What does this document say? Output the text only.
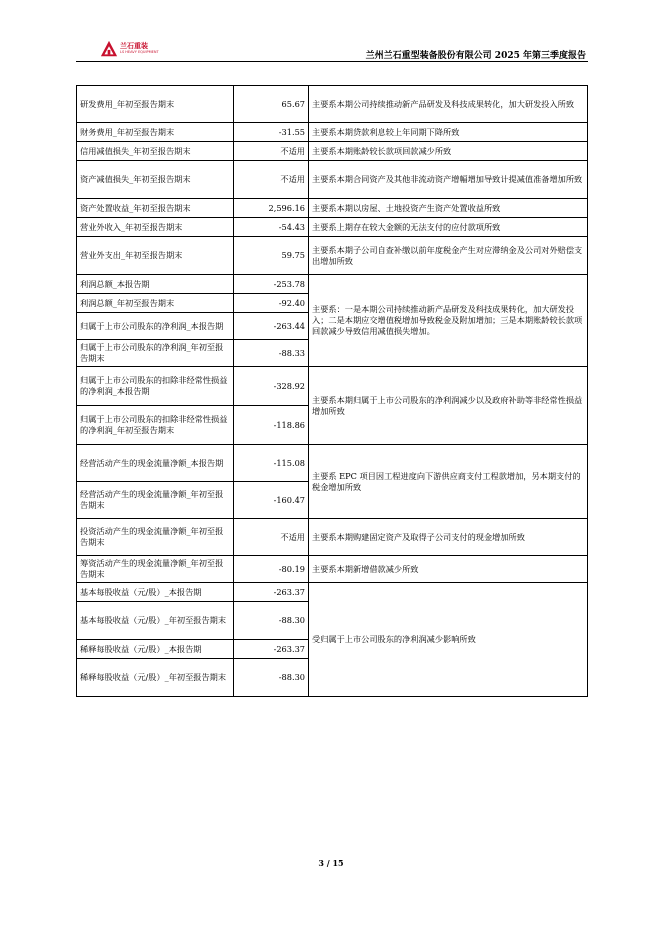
兰石重装
LS HEAVY EQUIPMENT	兰州兰石重型装备股份有限公司 2025 年第三季度报告
研发费用_年初至报告期末	65.67	主要系本期公司持续推动新产品研发及科技成果转化，加大研发投入所致
财务费用_年初至报告期末	-31.55	主要系本期贷款利息较上年同期下降所致
信用减值损失_年初至报告期末	不适用	主要系本期账龄较长款项回款减少所致
资产减值损失_年初至报告期末	不适用	主要系本期合同资产及其他非流动资产增幅增加导致计提减值准备增加所致
资产处置收益_年初至报告期末	2,596.16	主要系本期以房屋、土地投资产生资产处置收益所致
营业外收入_年初至报告期末	-54.43	主要系上期存在较大金额的无法支付的应付款项所致
营业外支出_年初至报告期末	59.75	主要系本期子公司自查补缴以前年度税金产生对应滞纳金及公司对外赔偿支出增加所致
利润总额_本报告期	-253.78	主要系：一是本期公司持续推动新产品研发及科技成果转化，加大研发投入；二是本期应交增值税增加导致税金及附加增加；三是本期账龄较长款项回款减少导致信用减值损失增加。
利润总额_年初至报告期末	-92.40	
归属于上市公司股东的净利润_本报告期	-263.44	
归属于上市公司股东的净利润_年初至报告期末	-88.33	
归属于上市公司股东的扣除非经常性损益的净利润_本报告期	-328.92	主要系本期归属于上市公司股东的净利润减少以及政府补助等非经常性损益增加所致
归属于上市公司股东的扣除非经常性损益的净利润_年初至报告期末	-118.86	
经营活动产生的现金流量净额_本报告期	-115.08	主要系 EPC 项目因工程进度向下游供应商支付工程款增加，另本期支付的税金增加所致
经营活动产生的现金流量净额_年初至报告期末	-160.47	
投资活动产生的现金流量净额_年初至报告期末	不适用	主要系本期购建固定资产及取得子公司支付的现金增加所致
筹资活动产生的现金流量净额_年初至报告期末	-80.19	主要系本期新增借款减少所致
基本每股收益（元/股）_本报告期	-263.37	受归属于上市公司股东的净利润减少影响所致
基本每股收益（元/股）_年初至报告期末	-88.30	
稀释每股收益（元/股）_本报告期	-263.37	
稀释每股收益（元/股）_年初至报告期末	-88.30	
3 / 15
